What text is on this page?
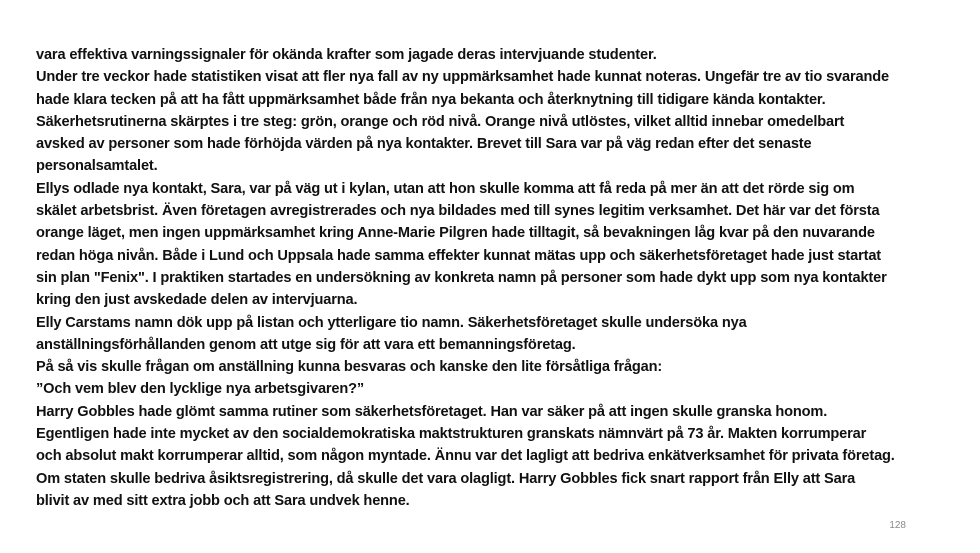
vara effektiva varningssignaler för okända krafter som jagade deras intervjuande studenter.
Under tre veckor hade statistiken visat att fler nya fall av ny uppmärksamhet hade kunnat noteras. Ungefär tre av tio svarande
hade klara tecken på att ha fått uppmärksamhet både från nya bekanta och återknytning till tidigare kända kontakter.
Säkerhetsrutinerna skärptes i tre steg: grön, orange och röd nivå. Orange nivå utlöstes, vilket alltid innebar omedelbart
avsked av personer som hade förhöjda värden på nya kontakter. Brevet till Sara var på väg redan efter det senaste
personalsamtalet.
Ellys odlade nya kontakt, Sara, var på väg ut i kylan, utan att hon skulle komma att få reda på mer än att det rörde sig om
skälet arbetsbrist. Även företagen avregistrerades och nya bildades med till synes legitim verksamhet. Det här var det första
orange läget, men ingen uppmärksamhet kring Anne-Marie Pilgren hade tilltagit, så bevakningen låg kvar på den nuvarande
redan höga nivån. Både i Lund och Uppsala hade samma effekter kunnat mätas upp och säkerhetsföretaget hade just startat
sin plan "Fenix". I praktiken startades en undersökning av konkreta namn på personer som hade dykt upp som nya kontakter
kring den just avskedade delen av intervjuarna.
Elly Carstams namn dök upp på listan och ytterligare tio namn. Säkerhetsföretaget skulle undersöka nya
anställningsförhållanden genom att utge sig för att vara ett bemanningsföretag.
På så vis skulle frågan om anställning kunna besvaras och kanske den lite försåtliga frågan:
”Och vem blev den lycklige nya arbetsgivaren?”
Harry Gobbles hade glömt samma rutiner som säkerhetsföretaget. Han var säker på att ingen skulle granska honom.
Egentligen hade inte mycket av den socialdemokratiska maktstrukturen granskats nämnvärt på 73 år. Makten korrumperar
och absolut makt korrumperar alltid, som någon myntade. Ännu var det lagligt att bedriva enkätverksamhet för privata företag.
Om staten skulle bedriva åsiktsregistrering, då skulle det vara olagligt. Harry Gobbles fick snart rapport från Elly att Sara
blivit av med sitt extra jobb och att Sara undvek henne.
128
